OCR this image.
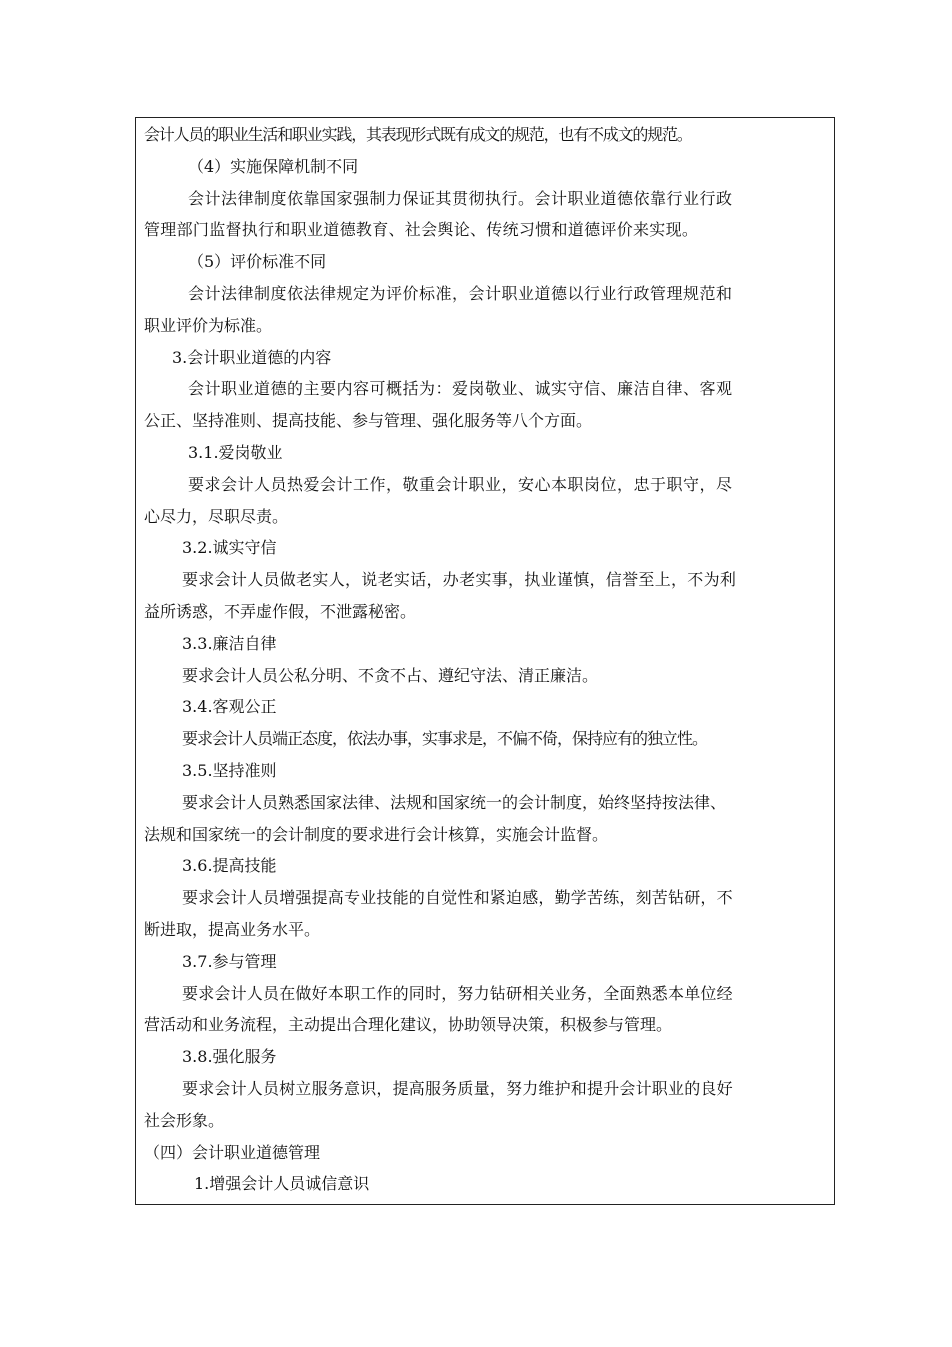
会计人员的职业生活和职业实践，其表现形式既有成文的规范，也有不成文的规范。
（4）实施保障机制不同
会计法律制度依靠国家强制力保证其贯彻执行。会计职业道德依靠行业行政
管理部门监督执行和职业道德教育、社会舆论、传统习惯和道德评价来实现。
（5）评价标准不同
会计法律制度依法律规定为评价标准，会计职业道德以行业行政管理规范和
职业评价为标准。
3.会计职业道德的内容
会计职业道德的主要内容可概括为：爱岗敬业、诚实守信、廉洁自律、客观
公正、坚持准则、提高技能、参与管理、强化服务等八个方面。
3.1.爱岗敬业
要求会计人员热爱会计工作，敬重会计职业，安心本职岗位，忠于职守，尽
心尽力，尽职尽责。
3.2.诚实守信
要求会计人员做老实人，说老实话，办老实事，执业谨慎，信誉至上，不为利
益所诱惑，不弄虚作假，不泄露秘密。
3.3.廉洁自律
要求会计人员公私分明、不贪不占、遵纪守法、清正廉洁。
3.4.客观公正
要求会计人员端正态度，依法办事，实事求是，不偏不倚，保持应有的独立性。
3.5.坚持准则
要求会计人员熟悉国家法律、法规和国家统一的会计制度，始终坚持按法律、
法规和国家统一的会计制度的要求进行会计核算，实施会计监督。
3.6.提高技能
要求会计人员增强提高专业技能的自觉性和紧迫感，勤学苦练，刻苦钻研，不
断进取，提高业务水平。
3.7.参与管理
要求会计人员在做好本职工作的同时，努力钻研相关业务，全面熟悉本单位经
营活动和业务流程，主动提出合理化建议，协助领导决策，积极参与管理。
3.8.强化服务
要求会计人员树立服务意识，提高服务质量，努力维护和提升会计职业的良好
社会形象。
（四）会计职业道德管理
1.增强会计人员诚信意识
